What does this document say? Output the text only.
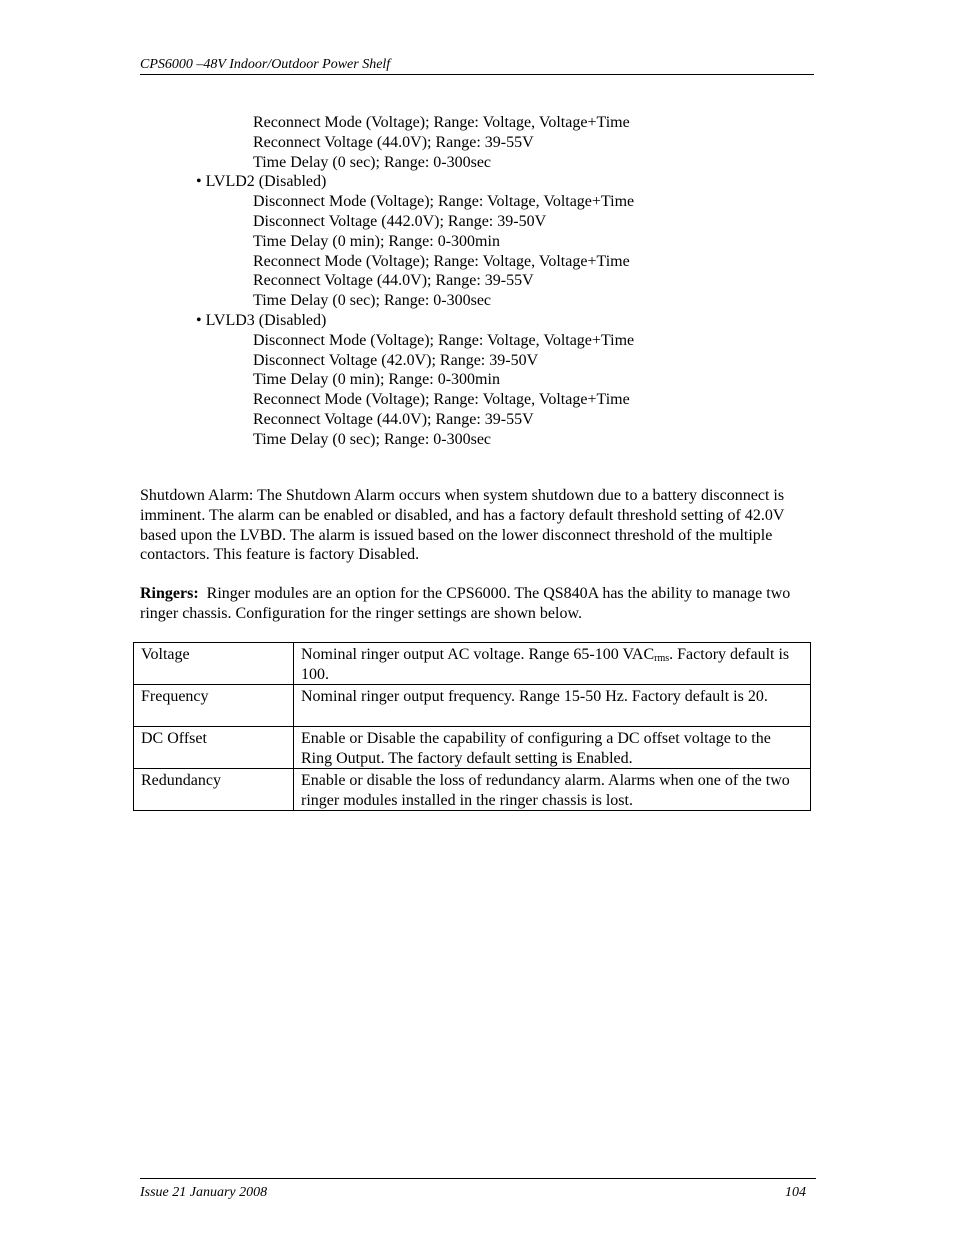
CPS6000 –48V Indoor/Outdoor Power Shelf
Reconnect Mode (Voltage); Range: Voltage, Voltage+Time
Reconnect Voltage (44.0V); Range: 39-55V
Time Delay (0 sec); Range: 0-300sec
• LVLD2 (Disabled)
Disconnect Mode (Voltage); Range: Voltage, Voltage+Time
Disconnect Voltage (442.0V); Range: 39-50V
Time Delay (0 min); Range: 0-300min
Reconnect Mode (Voltage); Range: Voltage, Voltage+Time
Reconnect Voltage (44.0V); Range: 39-55V
Time Delay (0 sec); Range: 0-300sec
• LVLD3 (Disabled)
Disconnect Mode (Voltage); Range: Voltage, Voltage+Time
Disconnect Voltage (42.0V); Range: 39-50V
Time Delay (0 min); Range: 0-300min
Reconnect Mode (Voltage); Range: Voltage, Voltage+Time
Reconnect Voltage (44.0V); Range: 39-55V
Time Delay (0 sec); Range: 0-300sec
Shutdown Alarm: The Shutdown Alarm occurs when system shutdown due to a battery disconnect is imminent. The alarm can be enabled or disabled, and has a factory default threshold setting of 42.0V based upon the LVBD. The alarm is issued based on the lower disconnect threshold of the multiple contactors. This feature is factory Disabled.
Ringers: Ringer modules are an option for the CPS6000. The QS840A has the ability to manage two ringer chassis. Configuration for the ringer settings are shown below.
Voltage	Nominal ringer output AC voltage. Range 65-100 $VAC_{rms}$. Factory default is 100.
Frequency	Nominal ringer output frequency. Range 15-50 Hz. Factory default is 20.
DC Offset	Enable or Disable the capability of configuring a DC offset voltage to the Ring Output. The factory default setting is Enabled.
Redundancy	Enable or disable the loss of redundancy alarm. Alarms when one of the two ringer modules installed in the ringer chassis is lost.
Issue 21 January 2008	104
